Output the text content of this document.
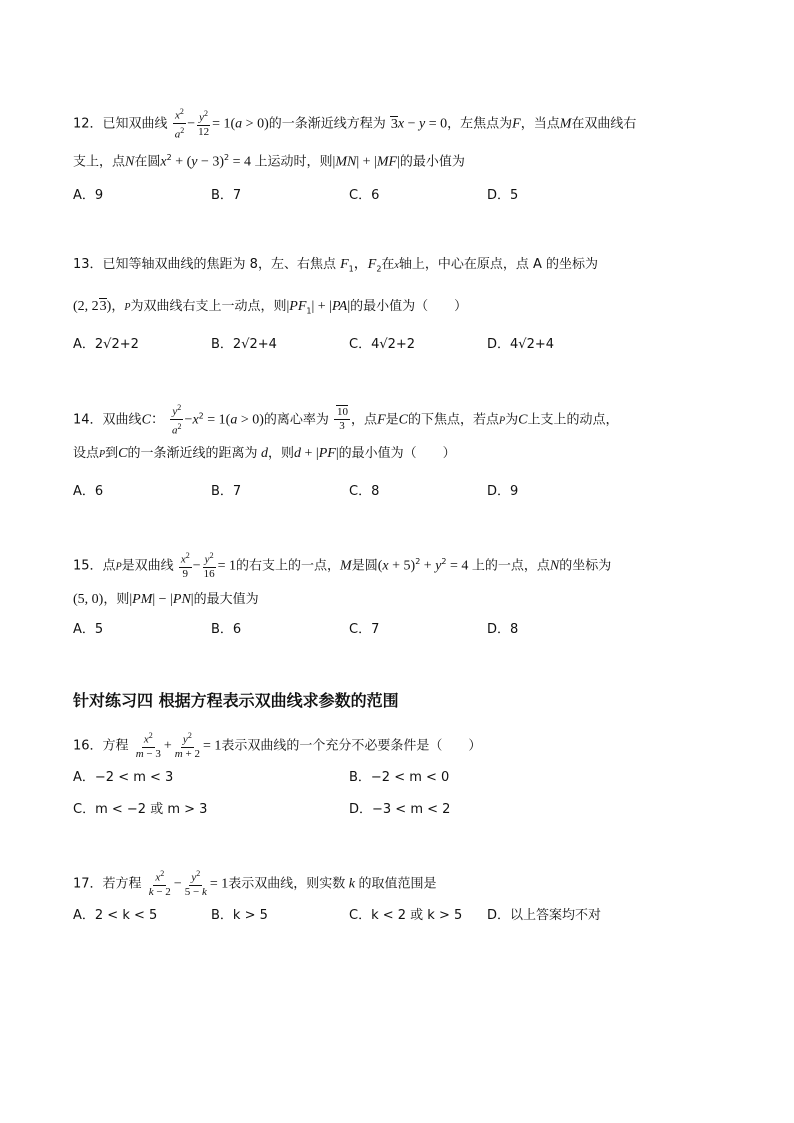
12．已知双曲线 $\frac{x^2}{a^2} - \frac{y^2}{12} = 1(a > 0)$的一条渐近线方程为 3x − y = 0，左焦点为F，当点M在双曲线右
支上，点N在圆$x^2 + (y - 3)^2 = 4$ 上运动时，则|MN| + |MF|的最小值为
A．9	B．7	C．6	D．5
13．已知等轴双曲线的焦距为 8，左、右焦点 $F_1$，$F_2$在x轴上，中心在原点，点 A 的坐标为
(2, 23)，P为双曲线右支上一动点，则$|PF_1| + |PA|$的最小值为（　　）
A．2√2+2	B．2√2+4	C．4√2+2	D．4√2+4
14．双曲线C： $\frac{y^2}{a^2} -x^2 = 1(a > 0)$的离心率为 $\frac{10}{3}$ ，点F是C的下焦点，若点P为C上支上的动点，
设点P到C的一条渐近线的距离为 d，则d + |PF|的最小值为（　　）
A．6	B．7	C．8	D．9
15．点P是双曲线 $\frac{x^2}{9} - \frac{y^2}{16} = 1$的右支上的一点，M是圆$(x + 5)^2 + y^2 = 4$ 上的一点，点N的坐标为
(5, 0)，则|PM| − |PN|的最大值为
A．5	B．6	C．7	D．8
针对练习四 根据方程表示双曲线求参数的范围
16．方程 $\frac{x^2}{m - 3} + \frac{y^2}{m + 2} = 1$表示双曲线的一个充分不必要条件是（　　）
A．−2 < m < 3	B．−2 < m < 0
C．m < −2 或 m > 3	D．−3 < m < 2
17．若方程 $\frac{x^2}{k - 2} - \frac{y^2}{5 - k} = 1$表示双曲线，则实数 k 的取值范围是
A．2 < k < 5	B．k > 5	C．k < 2 或 k > 5 D．以上答案均不对
